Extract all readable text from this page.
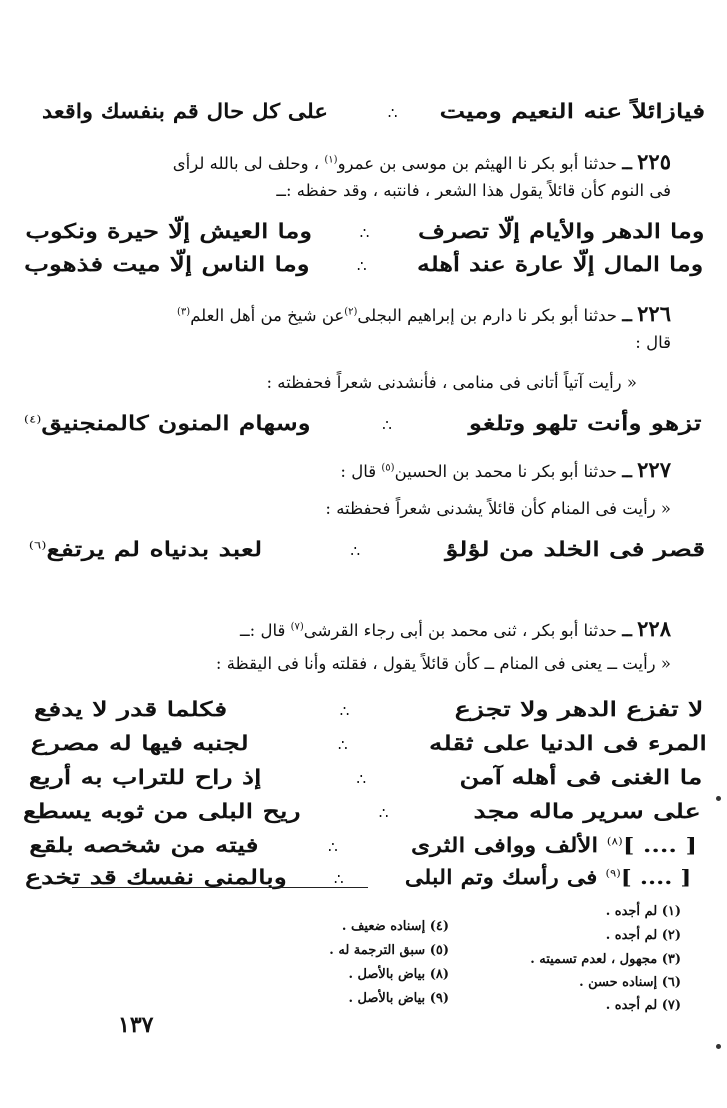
فيازائلاً عنه النعيم وميت
∴
على كل حال قم بنفسك واقعد
٢٢٥ ــ حدثنا أبو بكر نا الهيثم بن موسى بن عمرو$^{(١)}$ ، وحلف لى بالله لرأى
فى النوم كأن قائلاً يقول هذا الشعر ، فانتبه ، وقد حفظه :ــ
وما الدهر والأيام إلّا تصرف
∴
وما العيش إلّا حيرة ونكوب
وما المال إلّا عارة عند أهله
∴
وما الناس إلّا ميت فذهوب
٢٢٦ ــ حدثنا أبو بكر نا دارم بن إبراهيم البجلى$^{(٢)}$عن شيخ من أهل العلم$^{(٣)}$
قال :
« رأيت آتياً أتانى فى منامى ، فأنشدنى شعراً فحفظته :
تزهو وأنت تلهو وتلغو
∴
وسهام المنون كالمنجنيق$^{(٤)}$
٢٢٧ ــ حدثنا أبو بكر نا محمد بن الحسين$^{(٥)}$ قال :
« رأيت فى المنام كأن قائلاً يشدنى شعراً فحفظته :
قصر فى الخلد من لؤلؤ
∴
لعبد بدنياه لم يرتفع$^{(٦)}$
٢٢٨ ــ حدثنا أبو بكر ، ثنى محمد بن أبى رجاء القرشى$^{(٧)}$ قال :ــ
« رأيت ــ يعنى فى المنام ــ كأن قائلاً يقول ، فقلته وأنا فى اليقظة :
لا تفزع الدهر ولا تجزع
∴
فكلما قدر لا يدفع
المرء فى الدنيا على ثقله
∴
لجنبه فيها له مصرع
ما الغنى فى أهله آمن
∴
إذ راح للتراب به أربع
على سرير ماله مجد
∴
ريح البلى من ثوبه يسطع
[ .... ]$^{(٨)}$ الألف ووافى الثرى
∴
فيته من شخصه بلقع
[ .... ]$^{(٩)}$ فى رأسك وتم البلى
∴
وبالمنى نفسك قد تخدع
(١) لم أجده .
(٢) لم أجده .
(٣) مجهول ، لعدم تسميته .
(٦) إسناده حسن .
(٧) لم أجده .
(٤) إسناده ضعيف .
(٥) سبق الترجمة له .
(٨) بياض بالأصل .
(٩) بياض بالأصل .
١٣٧
